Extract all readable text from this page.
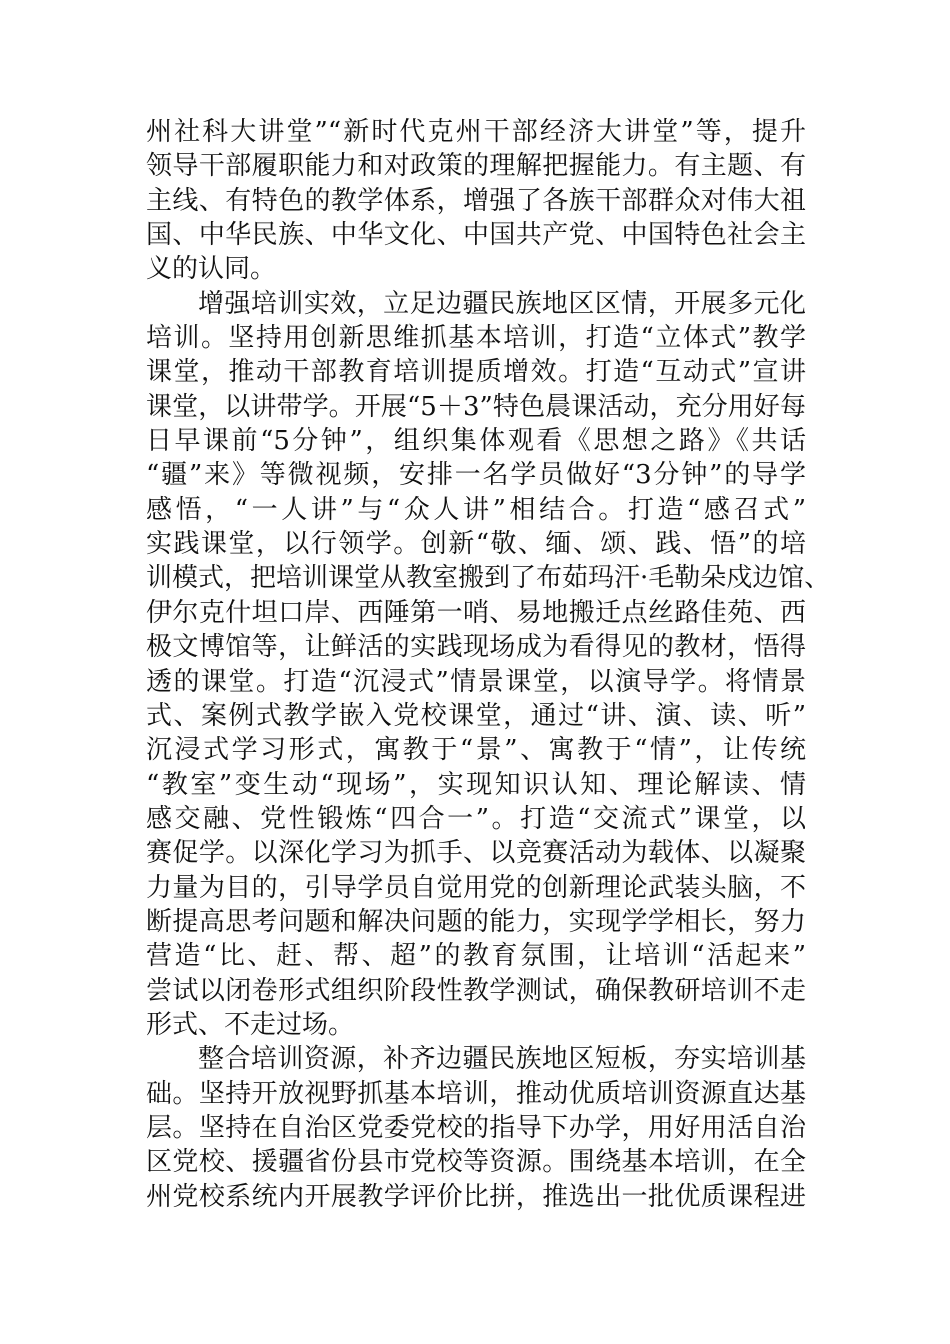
州社科大讲堂”“新时代克州干部经济大讲堂”等，提升
领导干部履职能力和对政策的理解把握能力。有主题、有
主线、有特色的教学体系，增强了各族干部群众对伟大祖
国、中华民族、中华文化、中国共产党、中国特色社会主
义的认同。
增强培训实效，立足边疆民族地区区情，开展多元化
培训。坚持用创新思维抓基本培训，打造“立体式”教学
课堂，推动干部教育培训提质增效。打造“互动式”宣讲
课堂，以讲带学。开展“5＋3”特色晨课活动，充分用好每
日早课前“5分钟”，组织集体观看《思想之路》《共话
“疆”来》等微视频，安排一名学员做好“3分钟”的导学
感悟，“一人讲”与“众人讲”相结合。打造“感召式”
实践课堂，以行领学。创新“敬、缅、颂、践、悟”的培
训模式，把培训课堂从教室搬到了布茹玛汗·毛勒朵戍边馆、
伊尔克什坦口岸、西陲第一哨、易地搬迁点丝路佳苑、西
极文博馆等，让鲜活的实践现场成为看得见的教材，悟得
透的课堂。打造“沉浸式”情景课堂，以演导学。将情景
式、案例式教学嵌入党校课堂，通过“讲、演、读、听”
沉浸式学习形式，寓教于“景”、寓教于“情”，让传统
“教室”变生动“现场”，实现知识认知、理论解读、情
感交融、党性锻炼“四合一”。打造“交流式”课堂，以
赛促学。以深化学习为抓手、以竞赛活动为载体、以凝聚
力量为目的，引导学员自觉用党的创新理论武装头脑，不
断提高思考问题和解决问题的能力，实现学学相长，努力
营造“比、赶、帮、超”的教育氛围，让培训“活起来”
尝试以闭卷形式组织阶段性教学测试，确保教研培训不走
形式、不走过场。
整合培训资源，补齐边疆民族地区短板，夯实培训基
础。坚持开放视野抓基本培训，推动优质培训资源直达基
层。坚持在自治区党委党校的指导下办学，用好用活自治
区党校、援疆省份县市党校等资源。围绕基本培训，在全
州党校系统内开展教学评价比拼，推选出一批优质课程进
